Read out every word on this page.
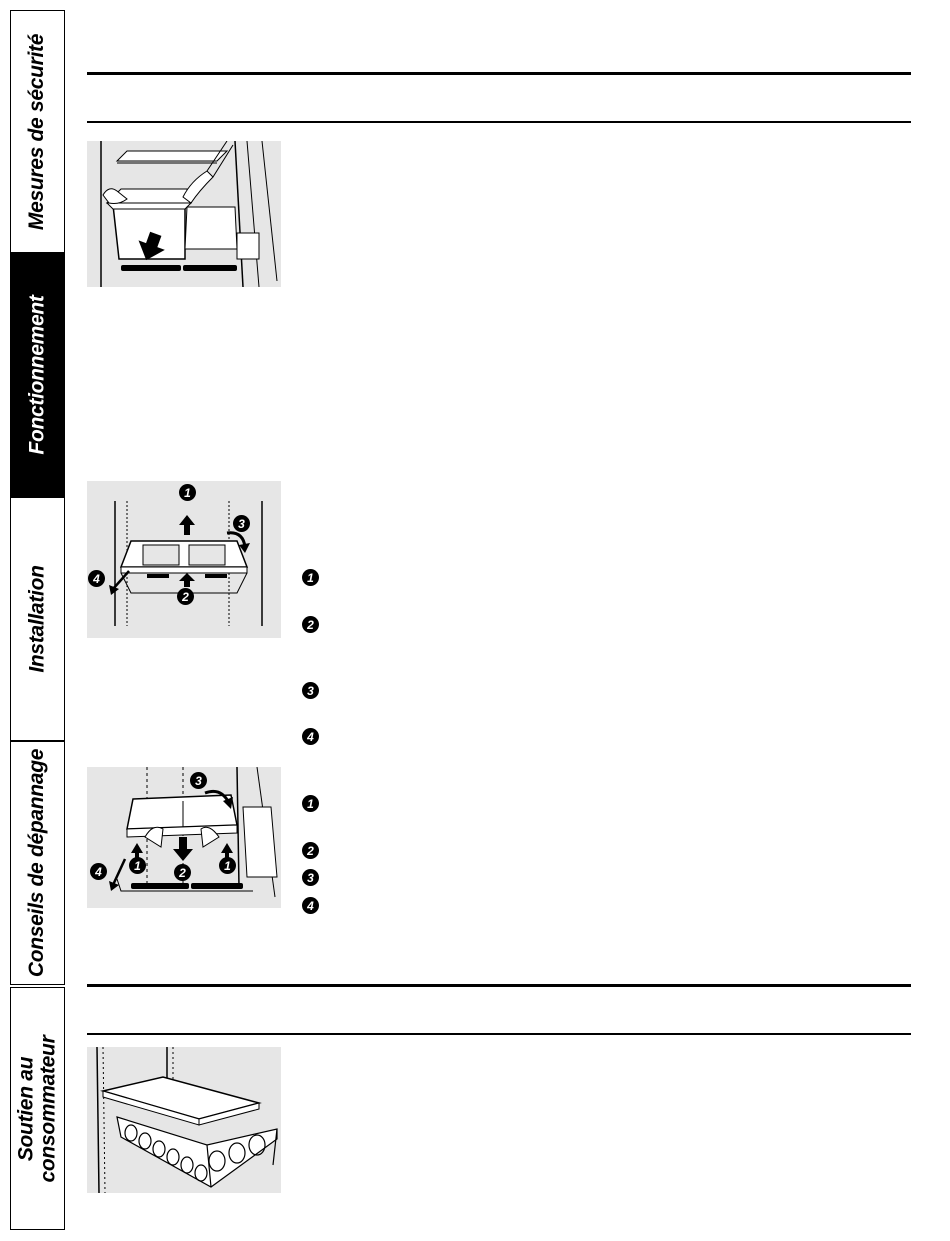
Mesures de sécurité
Fonctionnement
Installation
Conseils de dépannage
Soutien au consommateur
1
3
4
2
1
2
3
4
3
1	1
4	2
1
2
3
4
